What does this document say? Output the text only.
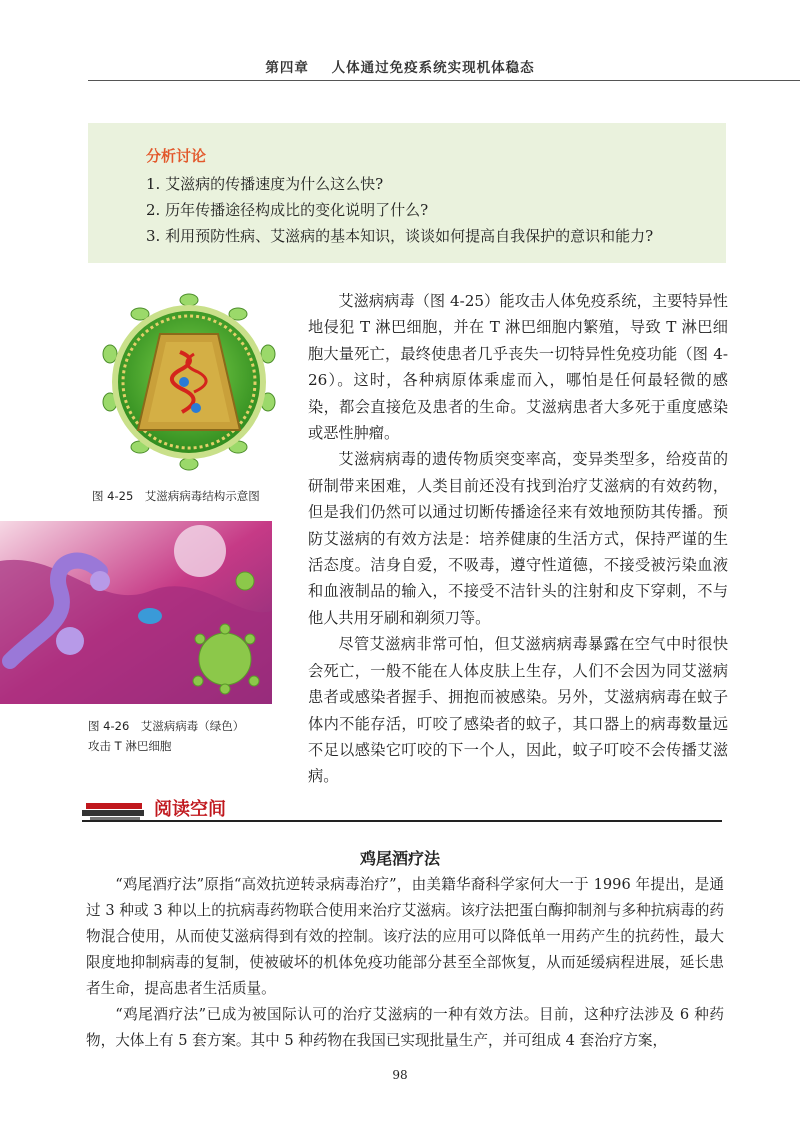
第四章 人体通过免疫系统实现机体稳态
分析讨论
1. 艾滋病的传播速度为什么这么快?
2. 历年传播途径构成比的变化说明了什么?
3. 利用预防性病、艾滋病的基本知识，谈谈如何提高自我保护的意识和能力?
图 4-25　艾滋病病毒结构示意图
图 4-26　艾滋病病毒（绿色）
攻击 T 淋巴细胞

艾滋病病毒（图 4-25）能攻击人体免疫系统，主要特异性地侵犯 T 淋巴细胞，并在 T 淋巴细胞内繁殖，导致 T 淋巴细胞大量死亡，最终使患者几乎丧失一切特异性免疫功能（图 4-26）。这时，各种病原体乘虚而入，哪怕是任何最轻微的感染，都会直接危及患者的生命。艾滋病患者大多死于重度感染或恶性肿瘤。

艾滋病病毒的遗传物质突变率高，变异类型多，给疫苗的研制带来困难，人类目前还没有找到治疗艾滋病的有效药物，但是我们仍然可以通过切断传播途径来有效地预防其传播。预防艾滋病的有效方法是：培养健康的生活方式，保持严谨的生活态度。洁身自爱，不吸毒，遵守性道德，不接受被污染血液和血液制品的输入，不接受不洁针头的注射和皮下穿刺，不与他人共用牙刷和剃须刀等。

尽管艾滋病非常可怕，但艾滋病病毒暴露在空气中时很快会死亡，一般不能在人体皮肤上生存，人们不会因为同艾滋病患者或感染者握手、拥抱而被感染。另外，艾滋病病毒在蚊子体内不能存活，叮咬了感染者的蚊子，其口器上的病毒数量远不足以感染它叮咬的下一个人，因此，蚊子叮咬不会传播艾滋病。

阅读空间
鸡尾酒疗法

“鸡尾酒疗法”原指“高效抗逆转录病毒治疗”，由美籍华裔科学家何大一于 1996 年提出，是通过 3 种或 3 种以上的抗病毒药物联合使用来治疗艾滋病。该疗法把蛋白酶抑制剂与多种抗病毒的药物混合使用，从而使艾滋病得到有效的控制。该疗法的应用可以降低单一用药产生的抗药性，最大限度地抑制病毒的复制，使被破坏的机体免疫功能部分甚至全部恢复，从而延缓病程进展，延长患者生命，提高患者生活质量。

“鸡尾酒疗法”已成为被国际认可的治疗艾滋病的一种有效方法。目前，这种疗法涉及 6 种药物，大体上有 5 套方案。其中 5 种药物在我国已实现批量生产，并可组成 4 套治疗方案，

98
